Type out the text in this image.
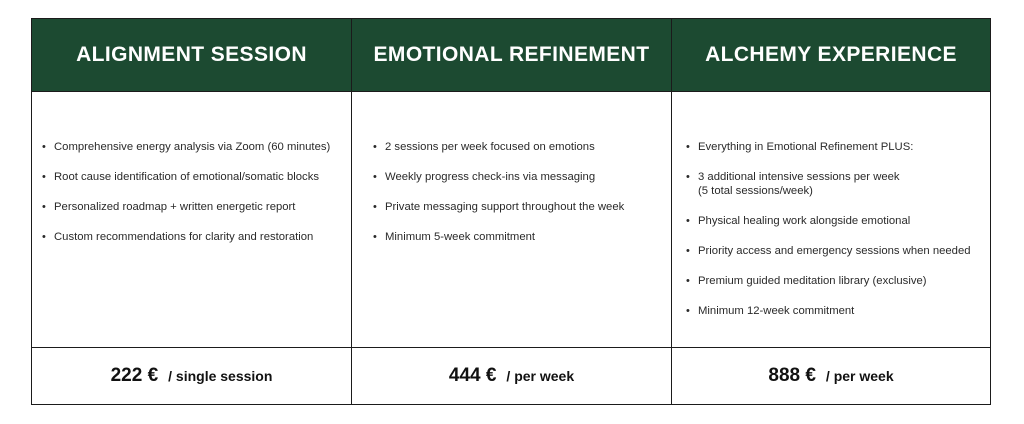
ALIGNMENT SESSION
• Comprehensive energy analysis via Zoom (60 minutes)
• Root cause identification of emotional/somatic blocks
• Personalized roadmap + written energetic report
• Custom recommendations for clarity and restoration
222 € / single session
EMOTIONAL REFINEMENT
• 2 sessions per week focused on emotions
• Weekly progress check-ins via messaging
• Private messaging support throughout the week
• Minimum 5-week commitment
444 € / per week
ALCHEMY EXPERIENCE
• Everything in Emotional Refinement PLUS:
• 3 additional intensive sessions per week
(5 total sessions/week)
• Physical healing work alongside emotional
• Priority access and emergency sessions when needed
• Premium guided meditation library (exclusive)
• Minimum 12-week commitment
888 € / per week
